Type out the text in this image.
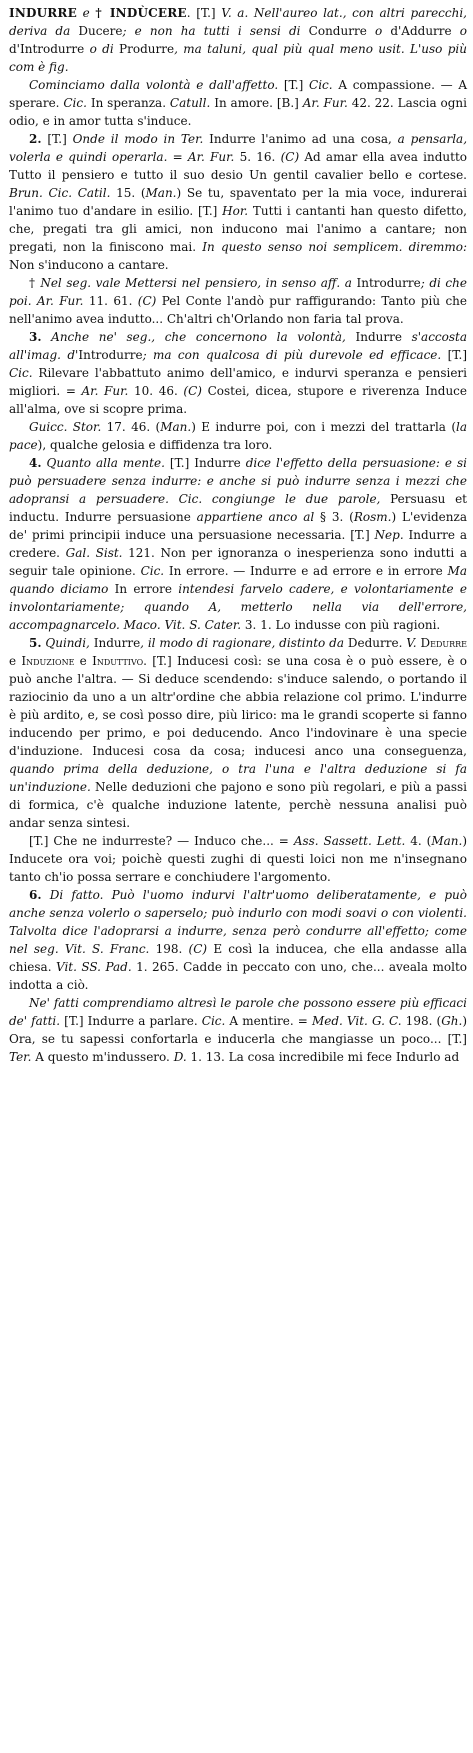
INDURRE e † INDÙCERE. [T.] V. a. Nell'aureo lat., con altri parecchi, deriva da Ducere; e non ha tutti i sensi di Condurre o d'Addurre o d'Introdurre o di Produrre, ma taluni, qual più qual meno usit. L'uso più com è fig.

Cominciamo dalla volontà e dall'affetto. [T.] Cic. A compassione. — A sperare. Cic. In speranza. Catull. In amore. [B.] Ar. Fur. 42. 22. Lascia ogni odio, e in amor tutta s'induce.

2. [T.] Onde il modo in Ter. Indurre l'animo ad una cosa, a pensarla, volerla e quindi operarla. = Ar. Fur. 5. 16. (C) Ad amar ella avea indutto Tutto il pensiero e tutto il suo desio Un gentil cavalier bello e cortese. Brun. Cic. Catil. 15. (Man.) Se tu, spaventato per la mia voce, indurerai l'animo tuo d'andare in esilio. [T.] Hor. Tutti i cantanti han questo difetto, che, pregati tra gli amici, non inducono mai l'animo a cantare; non pregati, non la finiscono mai. In questo senso noi semplicem. diremmo: Non s'inducono a cantare.

† Nel seg. vale Mettersi nel pensiero, in senso aff. a Introdurre; di che poi. Ar. Fur. 11. 61. (C) Pel Conte l'andò pur raffigurando: Tanto più che nell'animo avea indutto... Ch'altri ch'Orlando non faria tal prova.

3. Anche ne' seg., che concernono la volontà, Indurre s'accosta all'imag. d'Introdurre; ma con qualcosa di più durevole ed efficace. [T.] Cic. Rilevare l'abbattuto animo dell'amico, e indurvi speranza e pensieri migliori. = Ar. Fur. 10. 46. (C) Costei, dicea, stupore e riverenza Induce all'alma, ove si scopre prima.

Guicc. Stor. 17. 46. (Man.) E indurre poi, con i mezzi del trattarla (la pace), qualche gelosia e diffidenza tra loro.

4. Quanto alla mente. [T.] Indurre dice l'effetto della persuasione: e si può persuadere senza indurre: e anche si può indurre senza i mezzi che adopransi a persuadere. Cic. congiunge le due parole, Persuasu et inductu. Indurre persuasione appartiene anco al § 3. (Rosm.) L'evidenza de' primi principii induce una persuasione necessaria. [T.] Nep. Indurre a credere. Gal. Sist. 121. Non per ignoranza o inesperienza sono indutti a seguir tale opinione. Cic. In errore. — Indurre e ad errore e in errore Ma quando diciamo In errore intendesi farvelo cadere, e volontariamente e involontariamente; quando A, metterlo nella via dell'errore, accompagnarcelo. Maco. Vit. S. Cater. 3. 1. Lo indusse con più ragioni.

5. Quindi, Indurre, il modo di ragionare, distinto da Dedurre. V. Dedurre e Induzione e Induttivo. [T.] Inducesi così: se una cosa è o può essere, è o può anche l'altra. — Si deduce scendendo: s'induce salendo, o portando il raziocinio da uno a un altr'ordine che abbia relazione col primo. L'indurre è più ardito, e, se così posso dire, più lirico: ma le grandi scoperte si fanno inducendo per primo, e poi deducendo. Anco l'indovinare è una specie d'induzione. Inducesi cosa da cosa; inducesi anco una conseguenza, quando prima della deduzione, o tra l'una e l'altra deduzione si fa un'induzione. Nelle deduzioni che pajono e sono più regolari, e più a passi di formica, c'è qualche induzione latente, perchè nessuna analisi può andar senza sintesi.

[T.] Che ne indurreste? — Induco che... = Ass. Sassett. Lett. 4. (Man.) Inducete ora voi; poichè questi zughi di questi loici non me n'insegnano tanto ch'io possa serrare e conchiudere l'argomento.

6. Di fatto. Può l'uomo indurvi l'altr'uomo deliberatamente, e può anche senza volerlo o saperselo; può indurlo con modi soavi o con violenti. Talvolta dice l'adoprarsi a indurre, senza però condurre all'effetto; come nel seg. Vit. S. Franc. 198. (C) E così la inducea, che ella andasse alla chiesa. Vit. SS. Pad. 1. 265. Cadde in peccato con uno, che... aveala molto indotta a ciò.

Ne' fatti comprendiamo altresì le parole che possono essere più efficaci de' fatti. [T.] Indurre a parlare. Cic. A mentire. = Med. Vit. G. C. 198. (Gh.) Ora, se tu sapessi confortarla e inducerla che mangiasse un poco... [T.] Ter. A questo m'indussero. D. 1. 13. La cosa incredibile mi fece Indurlo ad
